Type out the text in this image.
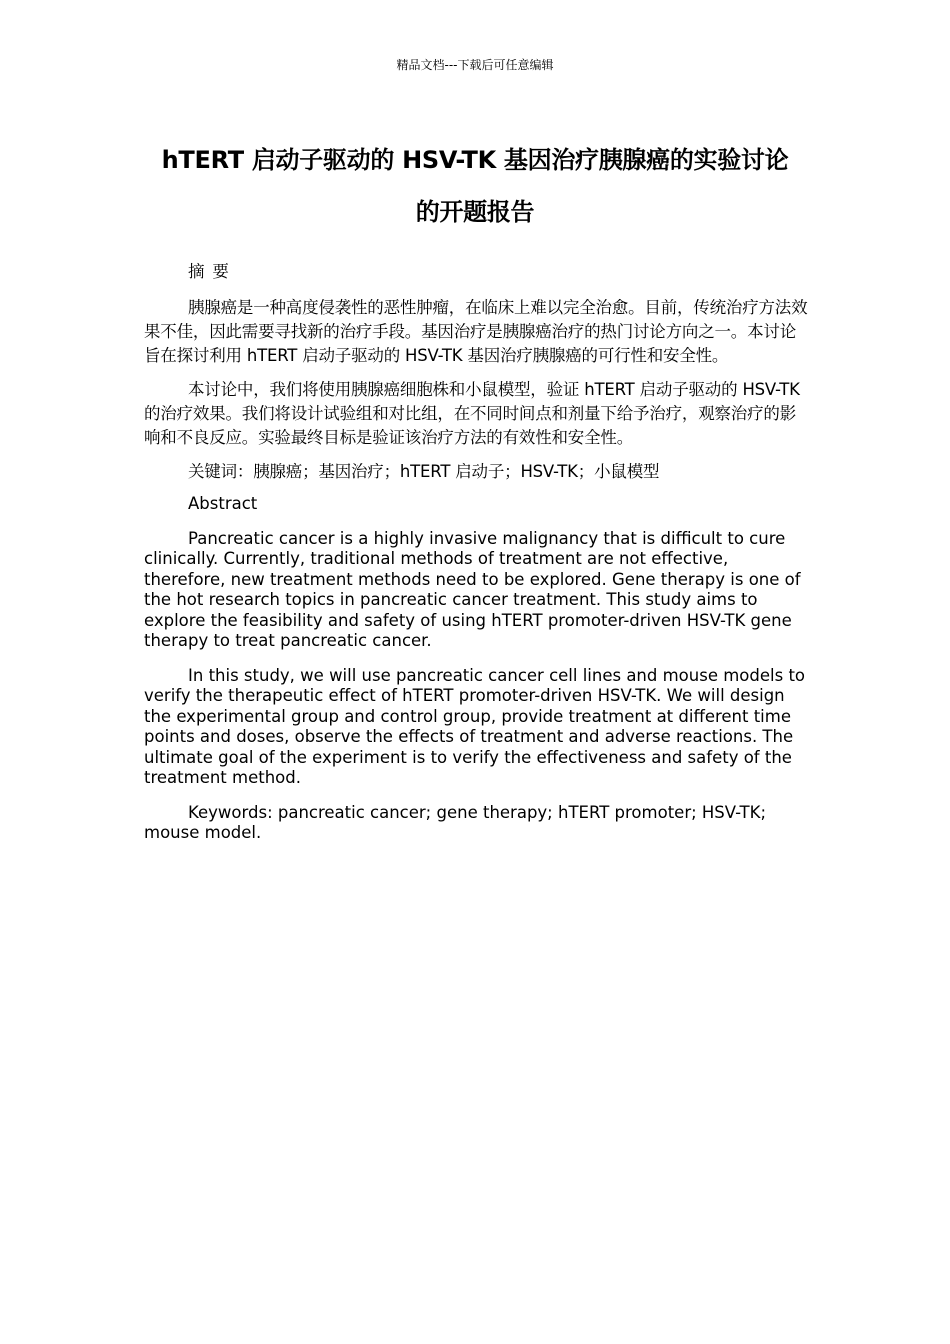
精品文档---下载后可任意编辑
hTERT 启动子驱动的 HSV-TK 基因治疗胰腺癌的实验讨论
的开题报告

摘 要

胰腺癌是一种高度侵袭性的恶性肿瘤，在临床上难以完全治愈。目前，传统治疗方法效果不佳，因此需要寻找新的治疗手段。基因治疗是胰腺癌治疗的热门讨论方向之一。本讨论旨在探讨利用 hTERT 启动子驱动的 HSV-TK 基因治疗胰腺癌的可行性和安全性。

本讨论中，我们将使用胰腺癌细胞株和小鼠模型，验证 hTERT 启动子驱动的 HSV-TK 的治疗效果。我们将设计试验组和对比组，在不同时间点和剂量下给予治疗，观察治疗的影响和不良反应。实验最终目标是验证该治疗方法的有效性和安全性。

关键词：胰腺癌；基因治疗；hTERT 启动子；HSV-TK；小鼠模型

Abstract

Pancreatic cancer is a highly invasive malignancy that is difficult to cure clinically. Currently, traditional methods of treatment are not effective, therefore, new treatment methods need to be explored. Gene therapy is one of the hot research topics in pancreatic cancer treatment. This study aims to explore the feasibility and safety of using hTERT promoter-driven HSV-TK gene therapy to treat pancreatic cancer.

In this study, we will use pancreatic cancer cell lines and mouse models to verify the therapeutic effect of hTERT promoter-driven HSV-TK. We will design the experimental group and control group, provide treatment at different time points and doses, observe the effects of treatment and adverse reactions. The ultimate goal of the experiment is to verify the effectiveness and safety of the treatment method.

Keywords: pancreatic cancer; gene therapy; hTERT promoter; HSV-TK; mouse model.
